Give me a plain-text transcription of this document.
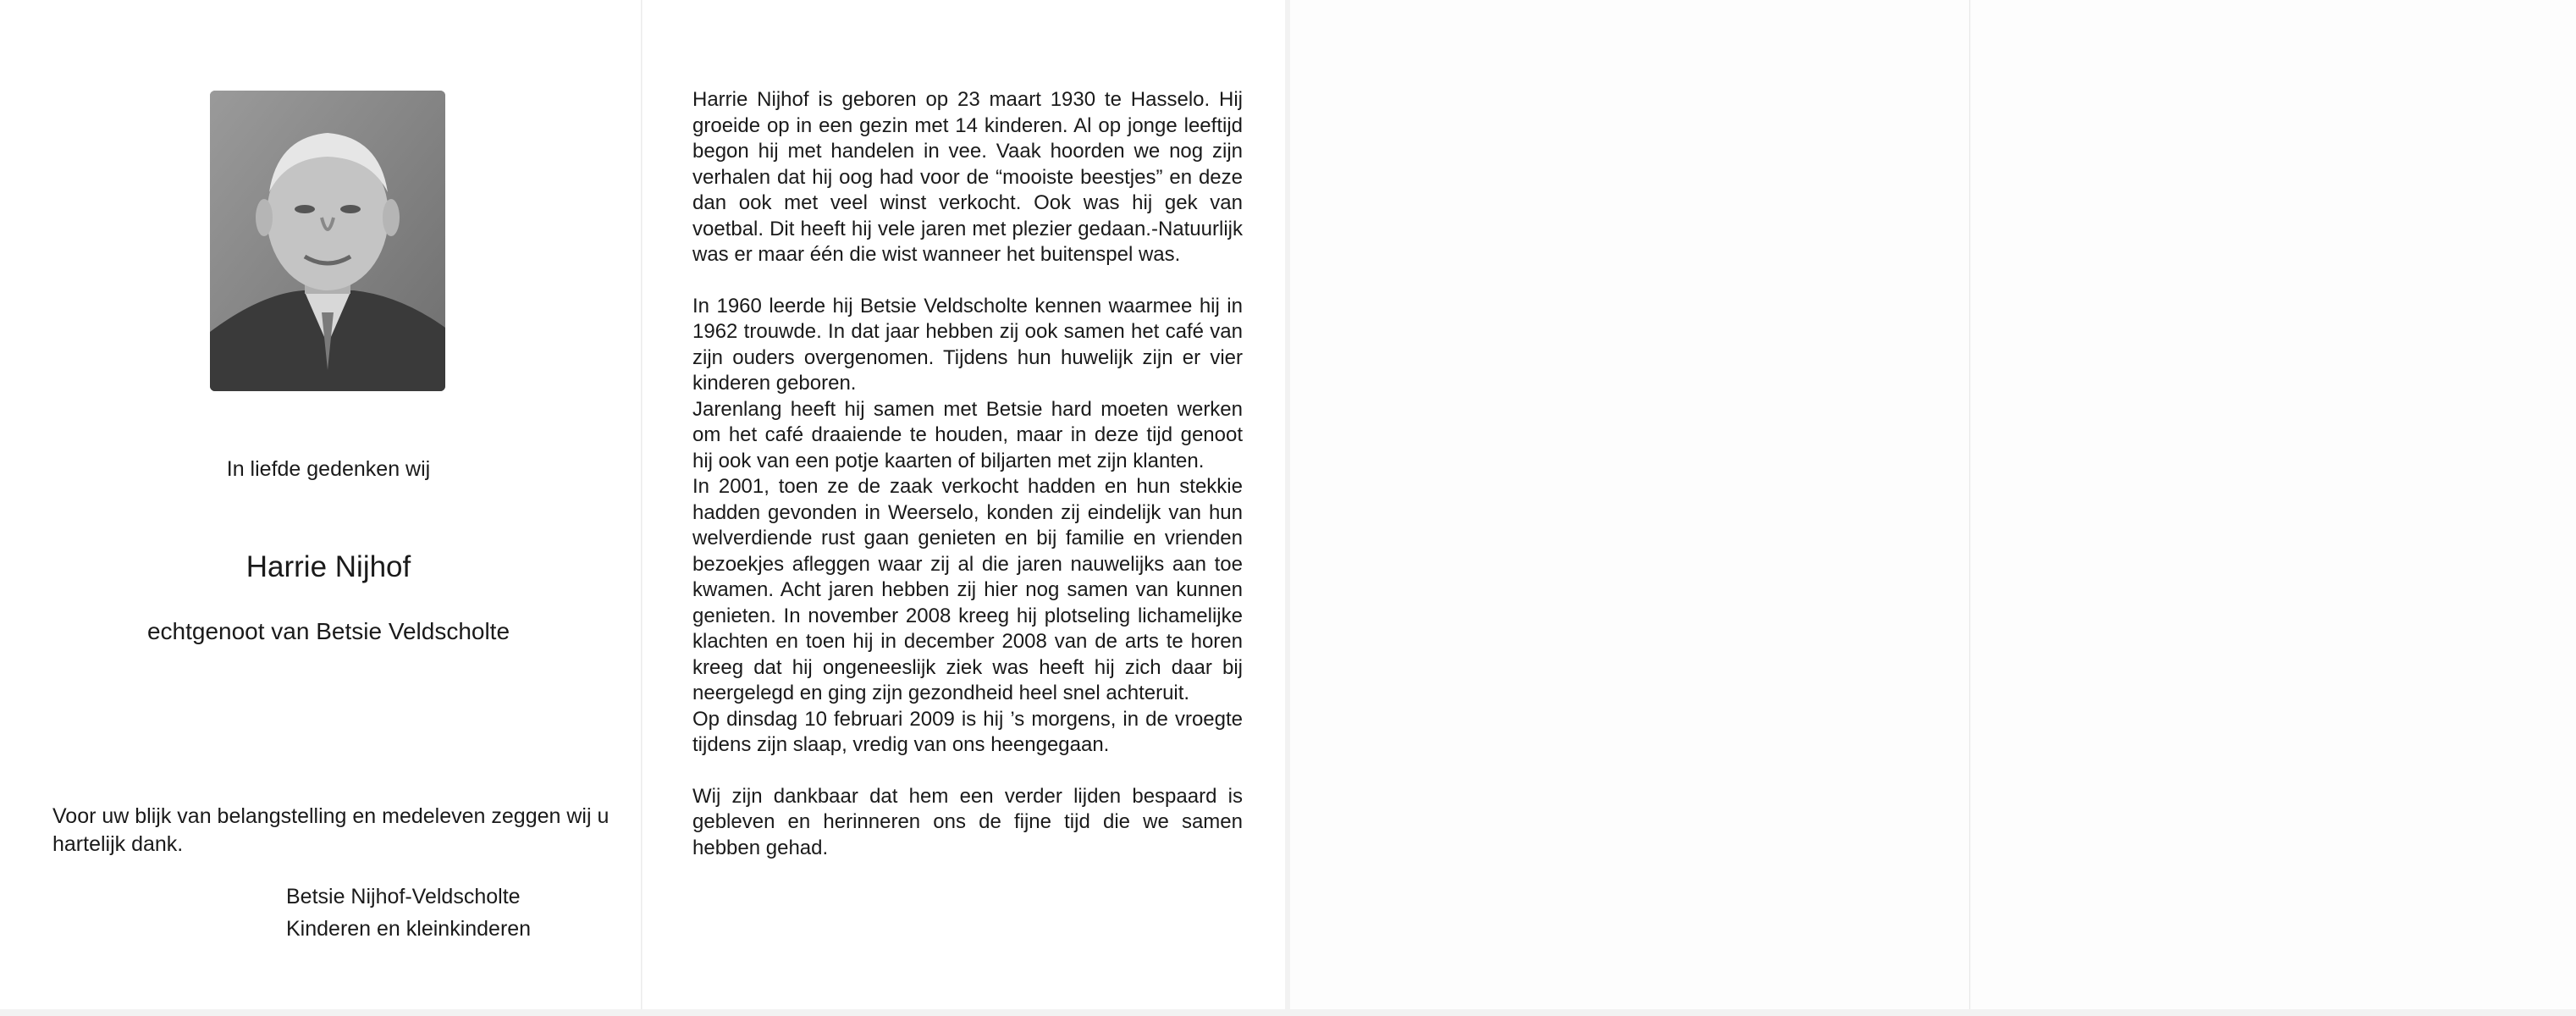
In liefde gedenken wij
Harrie Nijhof
echtgenoot van Betsie Veldscholte
Voor uw blijk van belangstelling en medeleven zeggen wij u hartelijk dank.
Betsie Nijhof-Veldscholte
Kinderen en kleinkinderen

Harrie Nijhof is geboren op 23 maart 1930 te Hasselo. Hij groeide op in een gezin met 14 kinderen. Al op jonge leeftijd begon hij met handelen in vee. Vaak hoorden we nog zijn verhalen dat hij oog had voor de “mooiste beestjes” en deze dan ook met veel winst verkocht. Ook was hij gek van voetbal. Dit heeft hij vele jaren met plezier gedaan.-Natuurlijk was er maar één die wist wanneer het buitenspel was.

In 1960 leerde hij Betsie Veldscholte kennen waarmee hij in 1962 trouwde. In dat jaar hebben zij ook samen het café van zijn ouders overgenomen. Tijdens hun huwelijk zijn er vier kinderen geboren.

Jarenlang heeft hij samen met Betsie hard moeten werken om het café draaiende te houden, maar in deze tijd genoot hij ook van een potje kaarten of biljarten met zijn klanten.

In 2001, toen ze de zaak verkocht hadden en hun stekkie hadden gevonden in Weerselo, konden zij eindelijk van hun welverdiende rust gaan genieten en bij familie en vrienden bezoekjes afleggen waar zij al die jaren nauwelijks aan toe kwamen. Acht jaren hebben zij hier nog samen van kunnen genieten. In november 2008 kreeg hij plotseling lichamelijke klachten en toen hij in december 2008 van de arts te horen kreeg dat hij ongeneeslijk ziek was heeft hij zich daar bij neergelegd en ging zijn gezondheid heel snel achteruit.

Op dinsdag 10 februari 2009 is hij ’s morgens, in de vroegte tijdens zijn slaap, vredig van ons heengegaan.

Wij zijn dankbaar dat hem een verder lijden bespaard is gebleven en herinneren ons de fijne tijd die we samen hebben gehad.
